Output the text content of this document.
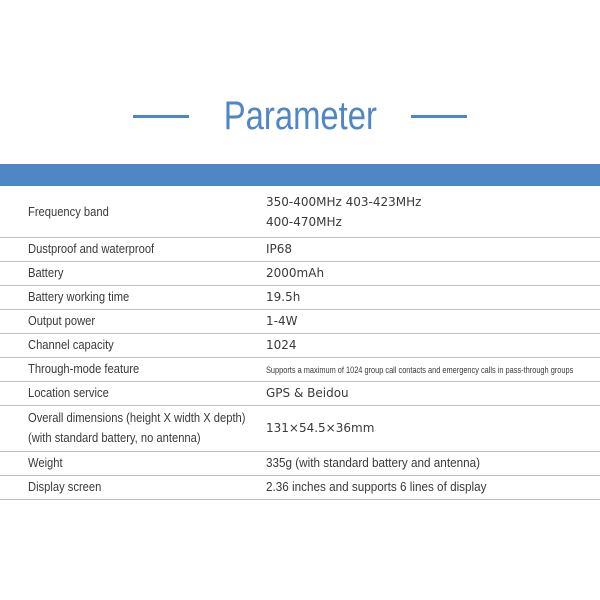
Parameter
Frequency band	350-400MHz 403-423MHz
400-470MHz

Dustproof and waterproof	IP68
Battery	2000mAh
Battery working time	19.5h
Output power	1-4W
Channel capacity	1024
Through-mode feature	Supports a maximum of 1024 group call contacts and emergency calls in pass-through groups
Location service	GPS & Beidou
Overall dimensions (height X width X depth) (with standard battery, no antenna)	131×54.5×36mm
Weight	335g (with standard battery and antenna)
Display screen	2.36 inches and supports 6 lines of display
